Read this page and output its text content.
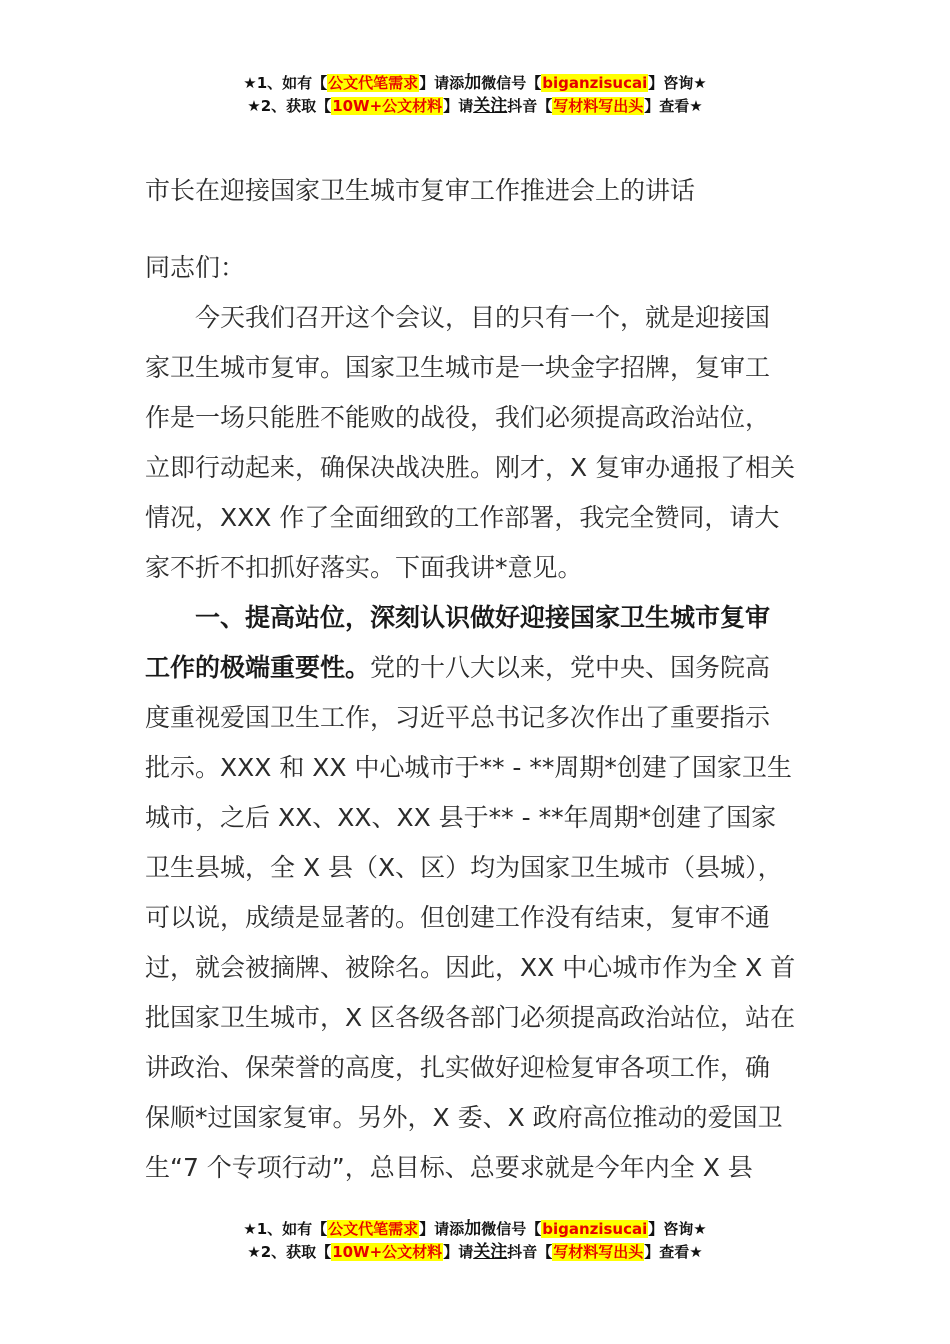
★1、如有【公文代笔需求】请添加微信号【biganzisucai】咨询★
★2、获取【10W+公文材料】请关注抖音【写材料写出头】查看★
市长在迎接国家卫生城市复审工作推进会上的讲话
同志们：
今天我们召开这个会议，目的只有一个，就是迎接国
家卫生城市复审。国家卫生城市是一块金字招牌，复审工
作是一场只能胜不能败的战役，我们必须提高政治站位，
立即行动起来，确保决战决胜。刚才，X 复审办通报了相关
情况，XXX 作了全面细致的工作部署，我完全赞同，请大
家不折不扣抓好落实。下面我讲*意见。
一、提高站位，深刻认识做好迎接国家卫生城市复审
工作的极端重要性。党的十八大以来，党中央、国务院高
度重视爱国卫生工作，习近平总书记多次作出了重要指示
批示。XXX 和 XX 中心城市于** - **周期*创建了国家卫生
城市，之后 XX、XX、XX 县于** - **年周期*创建了国家
卫生县城，全 X 县（X、区）均为国家卫生城市（县城），
可以说，成绩是显著的。但创建工作没有结束，复审不通
过，就会被摘牌、被除名。因此，XX 中心城市作为全 X 首
批国家卫生城市，X 区各级各部门必须提高政治站位，站在
讲政治、保荣誉的高度，扎实做好迎检复审各项工作，确
保顺*过国家复审。另外，X 委、X 政府高位推动的爱国卫
生“7 个专项行动”，总目标、总要求就是今年内全 X 县
★1、如有【公文代笔需求】请添加微信号【biganzisucai】咨询★
★2、获取【10W+公文材料】请关注抖音【写材料写出头】查看★
